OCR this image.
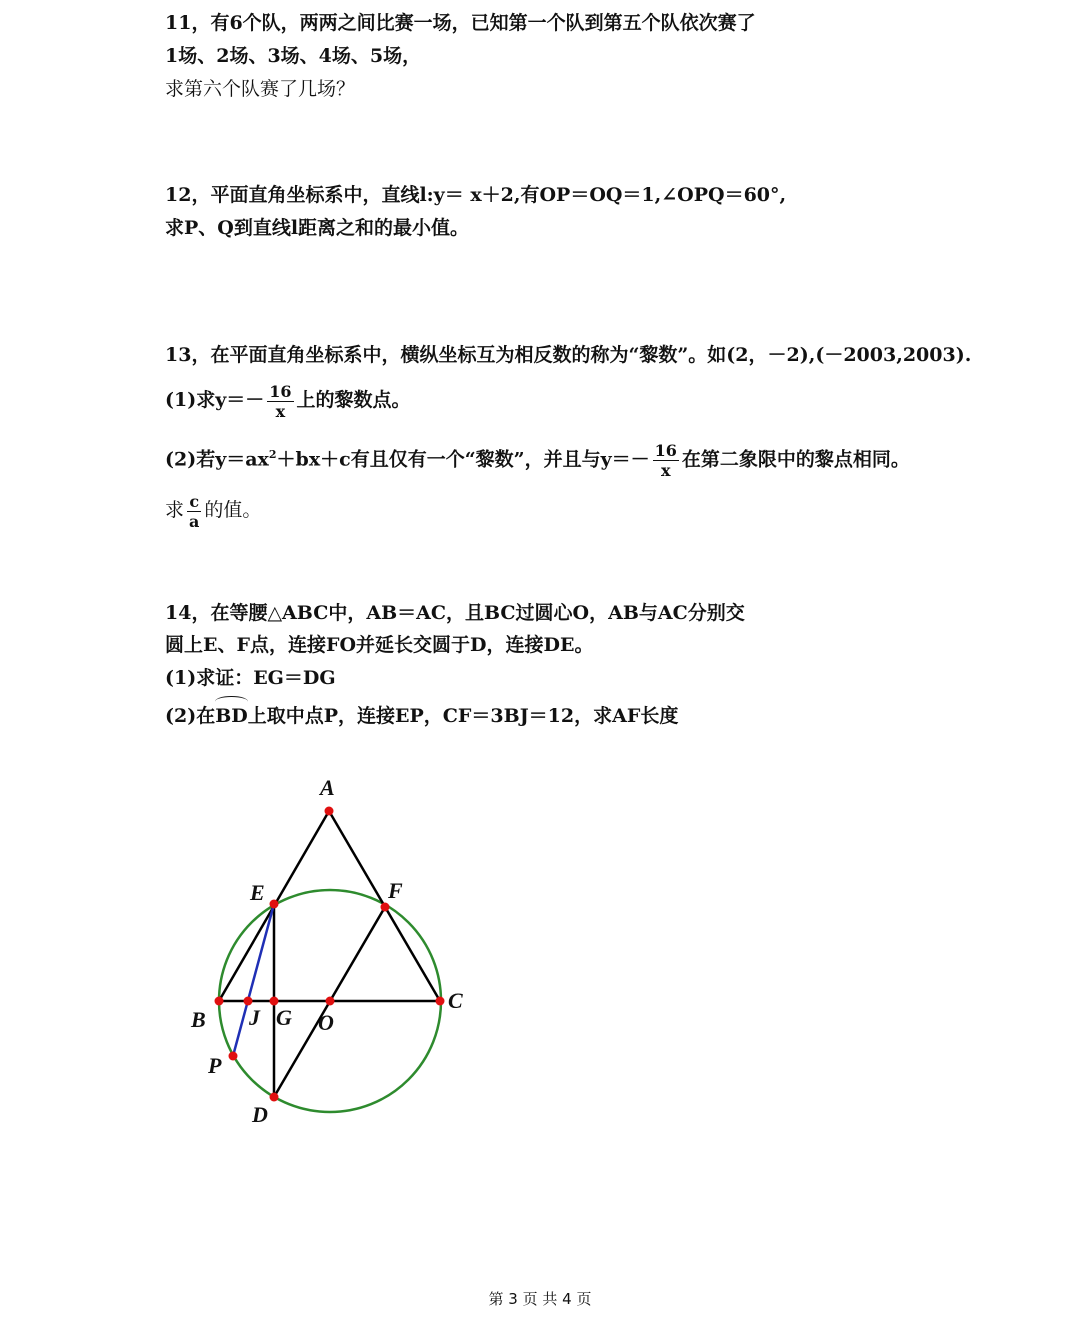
11，有6个队，两两之间比赛一场，已知第一个队到第五个队依次赛了
1场、2场、3场、4场、5场，
求第六个队赛了几场？
12，平面直角坐标系中，直线l:y＝ x＋2,有OP＝OQ＝1,∠OPQ＝60°,
求P、Q到直线l距离之和的最小值。
13，在平面直角坐标系中，横纵坐标互为相反数的称为“黎数”。如(2，－2),(－2003,2003).
(1)求$y=- \frac{16}{x}$ 上的黎数点。
(2)若$y=ax^2+bx+c$有且仅有一个“黎数”，并且与$y=- \frac{16}{x}$ 在第二象限中的黎点相同。
求 $\frac{c}{a}$ 的值。
14，在等腰△ABC中，AB＝AC，且BC过圆心O，AB与AC分别交
圆上E、F点，连接FO并延长交圆于D，连接DE。
(1)求证：EG＝DG
(2)在BD上取中点P，连接EP，CF＝3BJ＝12，求AF长度
A
E	F
B J G O
C
P
D
第 3 页 共 4 页
